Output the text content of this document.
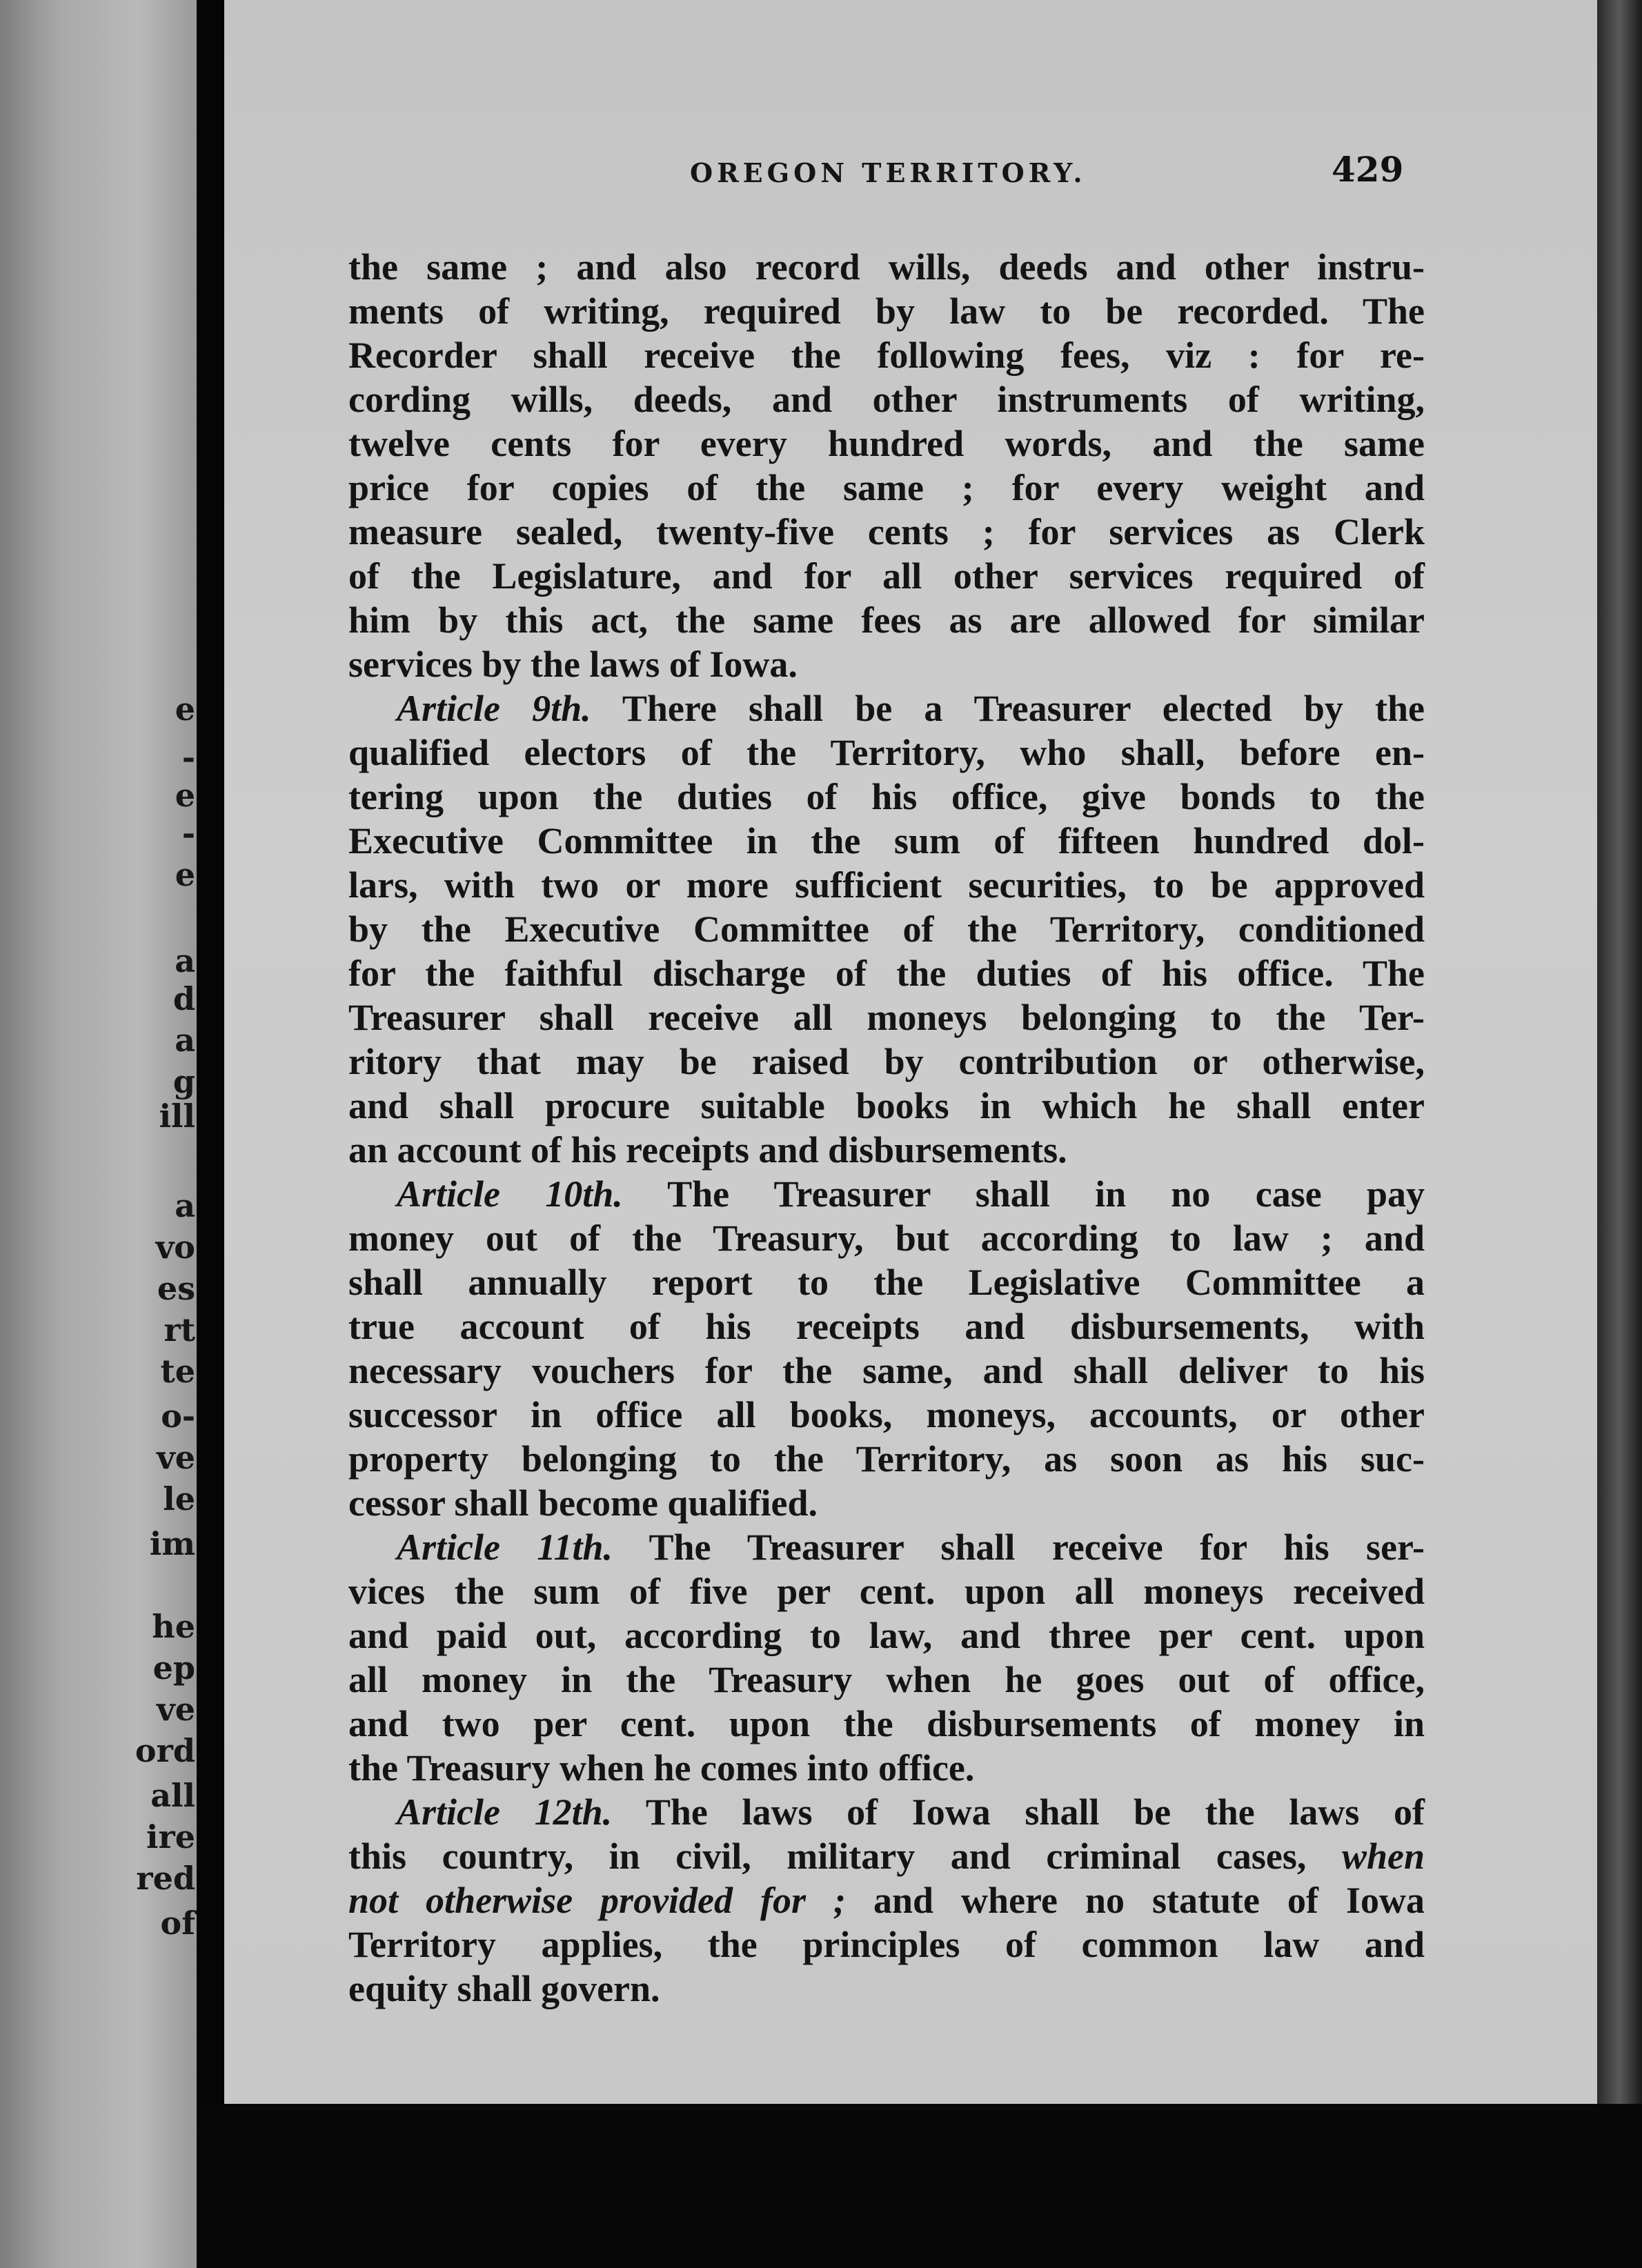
e
-
e
-
e
a
d
a
g
ill
a
vo
es
rt
te
o-
ve
le
im
he
ep
ve
ord
all
ire
red
of
OREGON TERRITORY.	429
the same ; and also record wills, deeds and other instru-
ments of writing, required by law to be recorded. The
Recorder shall receive the following fees, viz : for re-
cording wills, deeds, and other instruments of writing,
twelve cents for every hundred words, and the same
price for copies of the same ; for every weight and
measure sealed, twenty-five cents ; for services as Clerk
of the Legislature, and for all other services required of
him by this act, the same fees as are allowed for similar
services by the laws of Iowa.
Article 9th. There shall be a Treasurer elected by the
qualified electors of the Territory, who shall, before en-
tering upon the duties of his office, give bonds to the
Executive Committee in the sum of fifteen hundred dol-
lars, with two or more sufficient securities, to be approved
by the Executive Committee of the Territory, conditioned
for the faithful discharge of the duties of his office. The
Treasurer shall receive all moneys belonging to the Ter-
ritory that may be raised by contribution or otherwise,
and shall procure suitable books in which he shall enter
an account of his receipts and disbursements.
Article 10th. The Treasurer shall in no case pay
money out of the Treasury, but according to law ; and
shall annually report to the Legislative Committee a
true account of his receipts and disbursements, with
necessary vouchers for the same, and shall deliver to his
successor in office all books, moneys, accounts, or other
property belonging to the Territory, as soon as his suc-
cessor shall become qualified.
Article 11th. The Treasurer shall receive for his ser-
vices the sum of five per cent. upon all moneys received
and paid out, according to law, and three per cent. upon
all money in the Treasury when he goes out of office,
and two per cent. upon the disbursements of money in
the Treasury when he comes into office.
Article 12th. The laws of Iowa shall be the laws of
this country, in civil, military and criminal cases, when
not otherwise provided for ; and where no statute of Iowa
Territory applies, the principles of common law and
equity shall govern.
